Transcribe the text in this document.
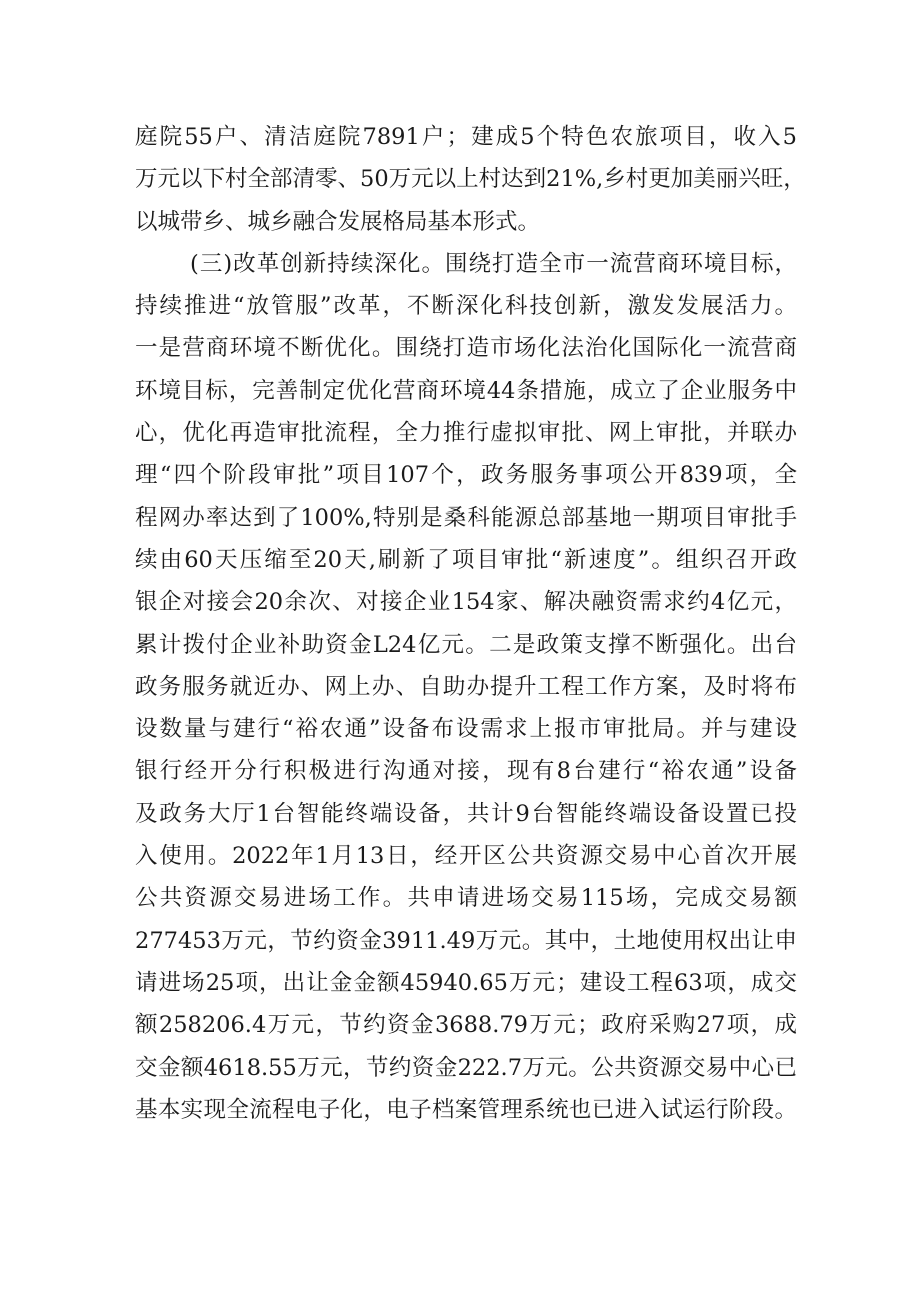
庭院55户、清洁庭院7891户；建成5个特色农旅项目，收入5
万元以下村全部清零、50万元以上村达到21%,乡村更加美丽兴旺，
以城带乡、城乡融合发展格局基本形式。
(三)改革创新持续深化。围绕打造全市一流营商环境目标，
持续推进“放管服”改革，不断深化科技创新，激发发展活力。
一是营商环境不断优化。围绕打造市场化法治化国际化一流营商
环境目标，完善制定优化营商环境44条措施，成立了企业服务中
心，优化再造审批流程，全力推行虚拟审批、网上审批，并联办
理“四个阶段审批”项目107个，政务服务事项公开839项，全
程网办率达到了100%,特别是桑科能源总部基地一期项目审批手
续由60天压缩至20天,刷新了项目审批“新速度”。组织召开政
银企对接会20余次、对接企业154家、解决融资需求约4亿元，
累计拨付企业补助资金L24亿元。二是政策支撑不断强化。出台
政务服务就近办、网上办、自助办提升工程工作方案，及时将布
设数量与建行“裕农通”设备布设需求上报市审批局。并与建设
银行经开分行积极进行沟通对接，现有8台建行“裕农通”设备
及政务大厅1台智能终端设备，共计9台智能终端设备设置已投
入使用。2022年1月13日，经开区公共资源交易中心首次开展
公共资源交易进场工作。共申请进场交易115场，完成交易额
277453万元，节约资金3911.49万元。其中，土地使用权出让申
请进场25项，出让金金额45940.65万元；建设工程63项，成交
额258206.4万元，节约资金3688.79万元；政府采购27项，成
交金额4618.55万元，节约资金222.7万元。公共资源交易中心已
基本实现全流程电子化，电子档案管理系统也已进入试运行阶段。
